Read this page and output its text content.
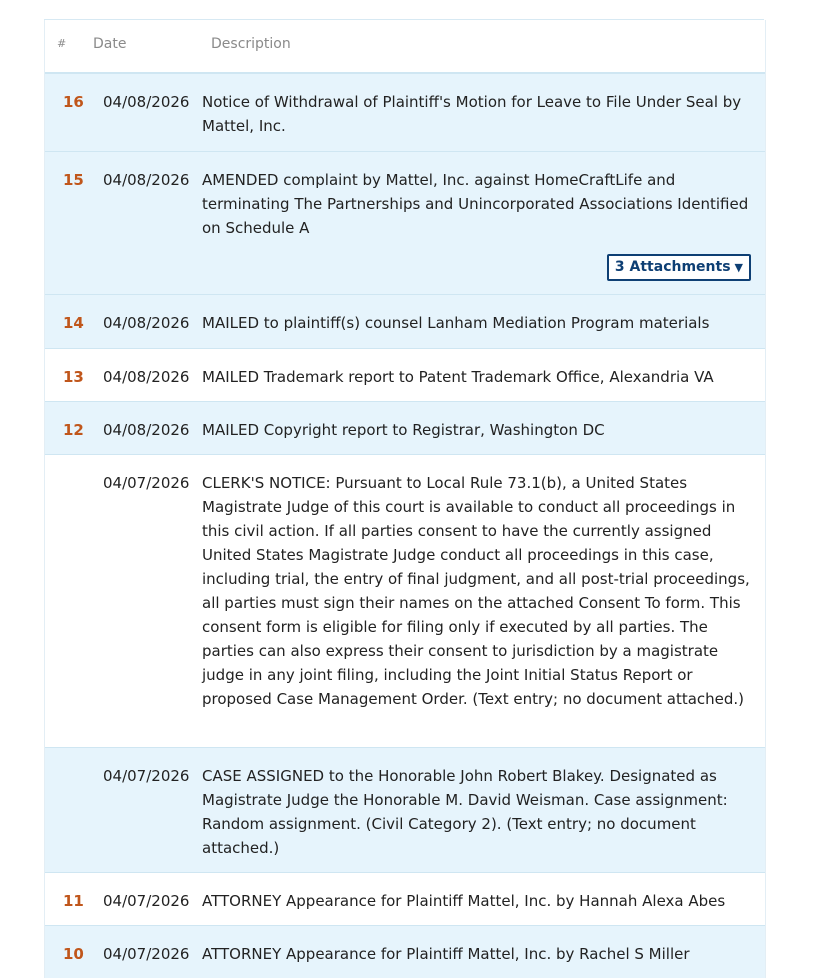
# Date	Description
16	04/08/2026 Notice of Withdrawal of Plaintiff's Motion for Leave to File Under Seal by Mattel, Inc.
15	04/08/2026 AMENDED complaint by Mattel, Inc. against HomeCraftLife and terminating The Partnerships and Unincorporated Associations Identified on Schedule A
3 Attachments ▼
14	04/08/2026 MAILED to plaintiff(s) counsel Lanham Mediation Program materials
13	04/08/2026 MAILED Trademark report to Patent Trademark Office, Alexandria VA
12	04/08/2026 MAILED Copyright report to Registrar, Washington DC
04/07/2026 CLERK'S NOTICE: Pursuant to Local Rule 73.1(b), a United States Magistrate Judge of this court is available to conduct all proceedings in this civil action. If all parties consent to have the currently assigned United States Magistrate Judge conduct all proceedings in this case, including trial, the entry of final judgment, and all post-trial proceedings, all parties must sign their names on the attached Consent To form. This consent form is eligible for filing only if executed by all parties. The parties can also express their consent to jurisdiction by a magistrate judge in any joint filing, including the Joint Initial Status Report or proposed Case Management Order. (Text entry; no document attached.)
04/07/2026 CASE ASSIGNED to the Honorable John Robert Blakey. Designated as Magistrate Judge the Honorable M. David Weisman. Case assignment: Random assignment. (Civil Category 2). (Text entry; no document attached.)
11	04/07/2026 ATTORNEY Appearance for Plaintiff Mattel, Inc. by Hannah Alexa Abes
10	04/07/2026 ATTORNEY Appearance for Plaintiff Mattel, Inc. by Rachel S Miller
